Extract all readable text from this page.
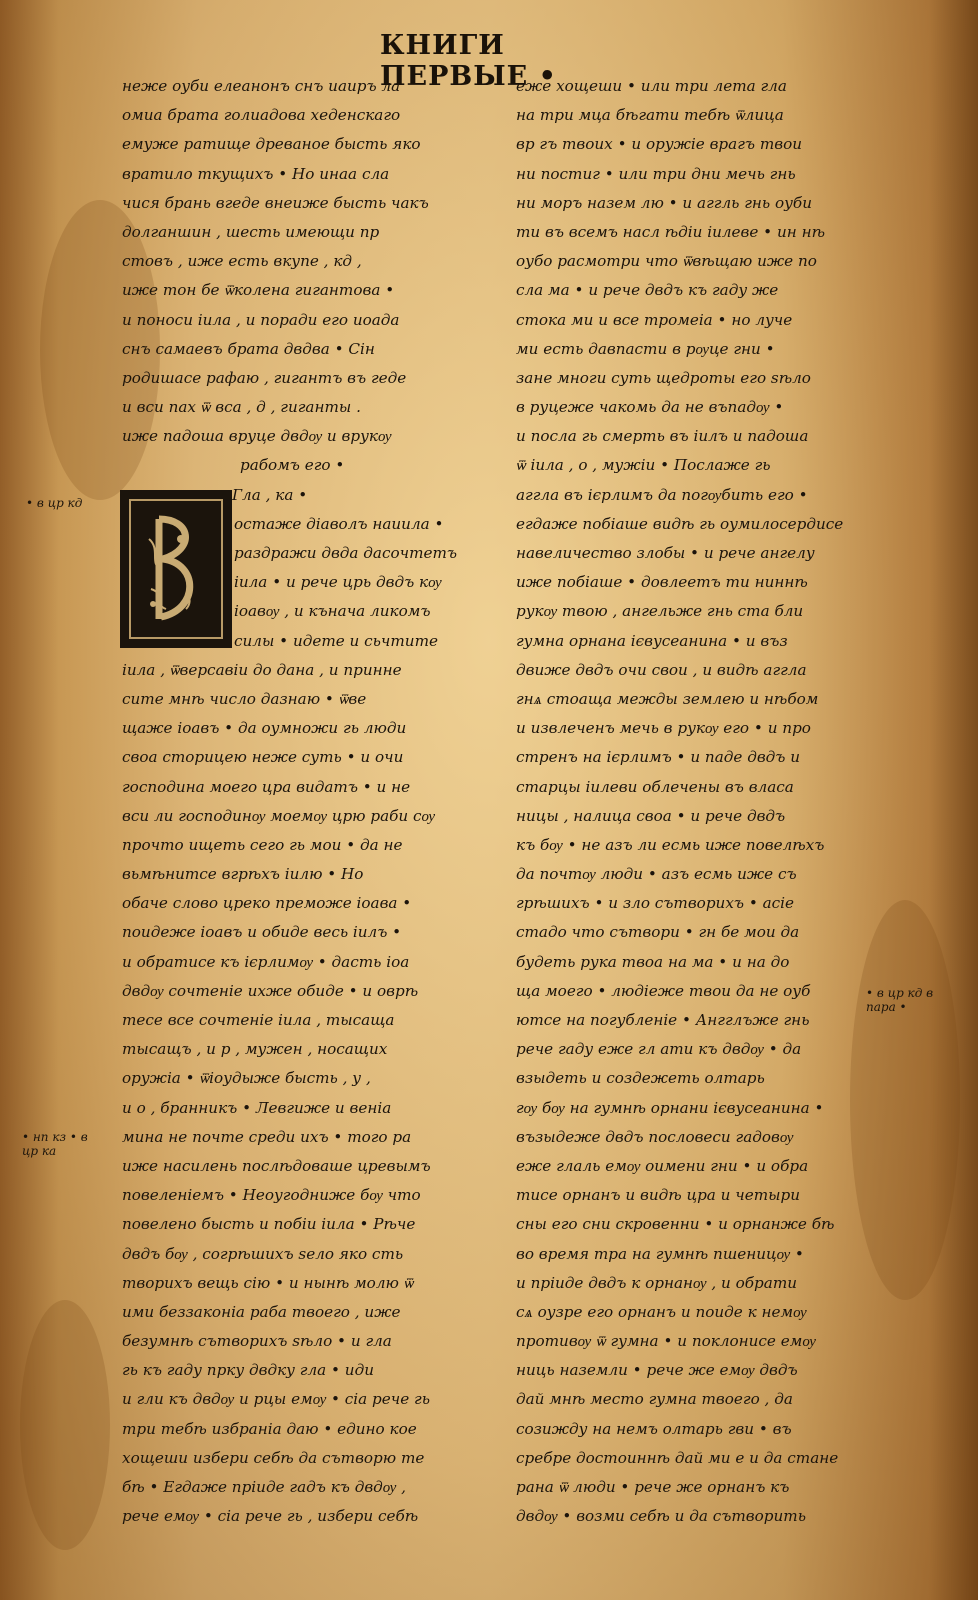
КНИГИ ПЕРВЫЕ •
• в цр кд
• в цр кд в пара •
• нп кз • в цр ка
неже оуби елеанонъ снъ иаиръ ла
омиа брата голиадова хеденскаго
емуже ратище древаное бысть яко
вратило ткущихъ • Но инаа сла
чися брань вгеде внеиже бысть чакъ
долганшин , шесть имеющи пр
стовъ , иже есть вкупе , кд ,
иже тон бе ѿколена гигантова •
и поноси іила , и поради его иоада
снъ самаевъ брата двдва • Сін
родишасе рафаю , гигантъ въ геде
и вси пах ѿ вса , д , гиганты .
иже падоша вруце двдѹ и врукѹ
рабомъ его •
Гла , ка •
остаже діаволъ наиила •
раздражи двда дасочтетъ
іила • и рече црь двдъ кѹ
іоавѹ , и кънача ликомъ
силы • идете и сьчтите
іила , ѿверсавіи до дана , и принне
сите мнѣ число дазнаю • ѿве
щаже іоавъ • да оумножи гь люди
своа сторицею неже суть • и очи
господина моего цра видатъ • и не
вси ли господинѹ моемѹ црю раби сѹ
прочто ищеть сего гь мои • да не
вьмѣнитсе вгрѣхъ іилю • Но
обаче слово цреко преможе іоава •
поидеже іоавъ и обиде весь іилъ •
и обратисе къ ієрлимѹ • дасть іоа
двдѹ сочтеніе ихже обиде • и оврѣ
тесе все сочтеніе іила , тысаща
тысащъ , и р , мужен , носащих
оружіа • ѿіоудыже бысть , у ,
и о , бранникъ • Левгиже и веніа
мина не почте среди ихъ • того ра
иже насилень послѣдоваше цревымъ
повеленіемъ • Неоугодниже бѹ что
повелено бысть и побіи іила • Рѣче
двдъ бѹ , согрѣшихъ ѕело яко сть
творихъ вещь сію • и нынѣ молю ѿ
ими беззаконіа раба твоего , иже
безумнѣ сътворихъ ѕѣло • и гла
гь къ гаду прку двдку гла • иди
и гли къ двдѹ и рцы емѹ • сіа рече гь
три тебѣ избраніа даю • едино кое
хощеши избери себѣ да сътворю те
бѣ • Егдаже пріиде гадъ къ двдѹ ,
рече емѹ • сіа рече гь , избери себѣ
еже хощеши • или три лета гла
на три мца бѣгати тебѣ ѿлица
вр гъ твоих • и оружіе врагъ твои
ни постиг • или три дни мечь гнь
ни моръ назем лю • и аггль гнь оуби
ти въ всемъ насл ѣдіи іилеве • ин нѣ
оубо расмотри что ѿвѣщаю иже по
сла ма • и рече двдъ къ гаду же
стока ми и все тромеіа • но луче
ми есть давпасти в рѹце гни •
зане многи суть щедроты его ѕѣло
в руцеже чакомь да не въпадѹ •
и посла гь смерть въ іилъ и падоша
ѿ іила , о , мужіи • Послаже гь
аггла въ ієрлимъ да погѹбить его •
егдаже побіаше видѣ гь оумилосердисе
навеличество злобы • и рече ангелу
иже побіаше • довлеетъ ти ниннѣ
рукѹ твою , ангельже гнь ста бли
гумна орнана ієвусеанина • и въз
движе двдъ очи свои , и видѣ аггла
гнѧ стоаща межды землею и нѣбом
и извлеченъ мечь в рукѹ его • и про
стренъ на ієрлимъ • и паде двдъ и
старцы іилеви облечены въ власа
ницы , налица своа • и рече двдъ
къ бѹ • не азъ ли есмь иже повелѣхъ
да почтѹ люди • азъ есмь иже съ
грѣшихъ • и зло сътворихъ • асіе
стадо что сътвори • гн бе мои да
будеть рука твоа на ма • и на до
ща моего • людіеже твои да не оуб
ютсе на погубленіе • Ангглъже гнь
рече гаду еже гл ати къ двдѹ • да
взыдеть и создежеть олтарь
гѹ бѹ на гумнѣ орнани ієвусеанина •
възыдеже двдъ пословеси гадовѹ
еже глаль емѹ оимени гни • и обра
тисе орнанъ и видѣ цра и четыри
сны его сни скровенни • и орнанже бѣ
во время тра на гумнѣ пшеницѹ •
и пріиде двдъ к орнанѹ , и обрати
сѧ оузре его орнанъ и поиде к немѹ
противѹ ѿ гумна • и поклонисе емѹ
ниць наземли • рече же емѹ двдъ
дай мнѣ место гумна твоего , да
созижду на немъ олтарь гви • въ
сребре достоиннѣ дай ми е и да стане
рана ѿ люди • рече же орнанъ къ
двдѹ • возми себѣ и да сътворить
